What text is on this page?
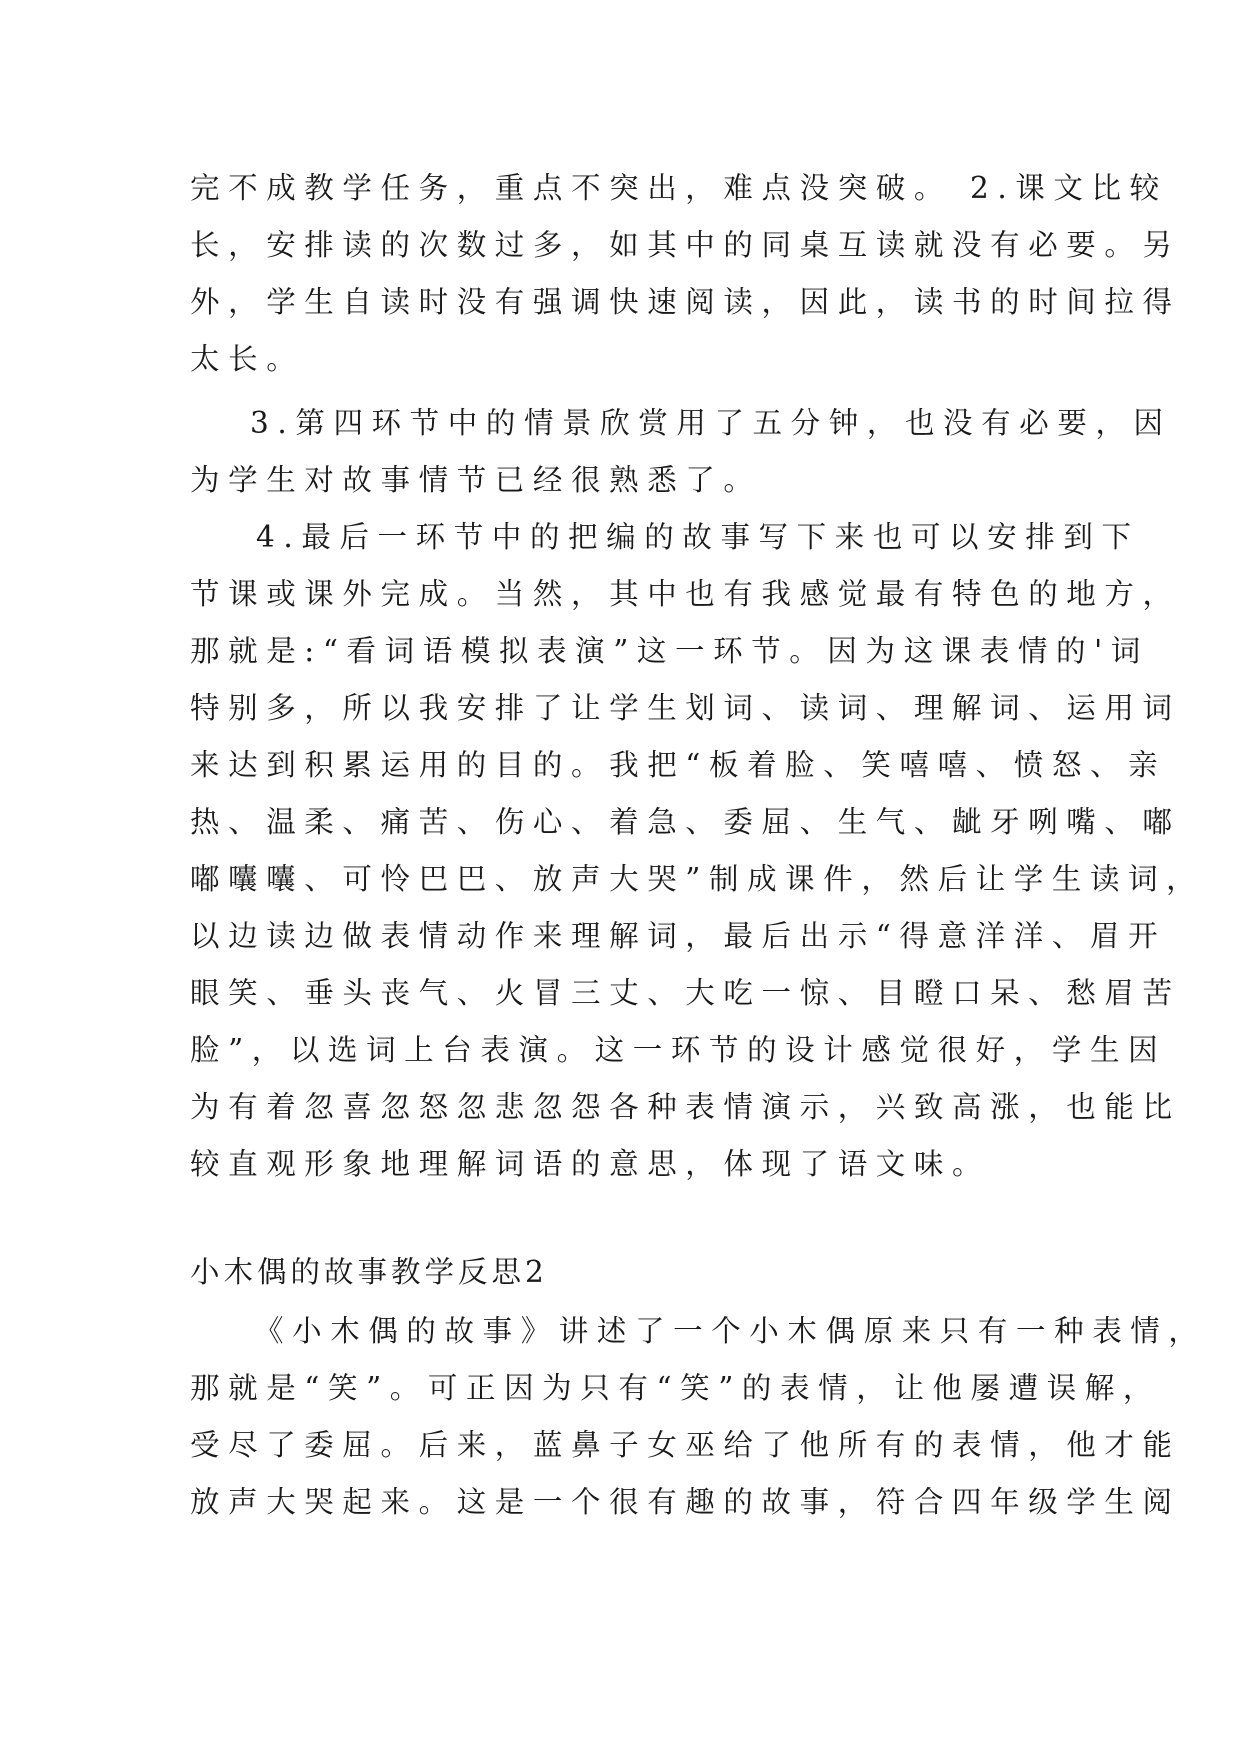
完不成教学任务，重点不突出，难点没突破。 2.课文比较
长，安排读的次数过多，如其中的同桌互读就没有必要。另
外，学生自读时没有强调快速阅读，因此，读书的时间拉得
太长。
3.第四环节中的情景欣赏用了五分钟，也没有必要，因
为学生对故事情节已经很熟悉了。
4.最后一环节中的把编的故事写下来也可以安排到下
节课或课外完成。当然，其中也有我感觉最有特色的地方，
那就是:“看词语模拟表演”这一环节。因为这课表情的'词
特别多，所以我安排了让学生划词、读词、理解词、运用词
来达到积累运用的目的。我把“板着脸、笑嘻嘻、愤怒、亲
热、温柔、痛苦、伤心、着急、委屈、生气、龇牙咧嘴、嘟
嘟囔囔、可怜巴巴、放声大哭”制成课件，然后让学生读词，
以边读边做表情动作来理解词，最后出示“得意洋洋、眉开
眼笑、垂头丧气、火冒三丈、大吃一惊、目瞪口呆、愁眉苦
脸”，以选词上台表演。这一环节的设计感觉很好，学生因
为有着忽喜忽怒忽悲忽怨各种表情演示，兴致高涨，也能比
较直观形象地理解词语的意思，体现了语文味。
小木偶的故事教学反思2
《小木偶的故事》讲述了一个小木偶原来只有一种表情，
那就是“笑”。可正因为只有“笑”的表情，让他屡遭误解，
受尽了委屈。后来，蓝鼻子女巫给了他所有的表情，他才能
放声大哭起来。这是一个很有趣的故事，符合四年级学生阅
